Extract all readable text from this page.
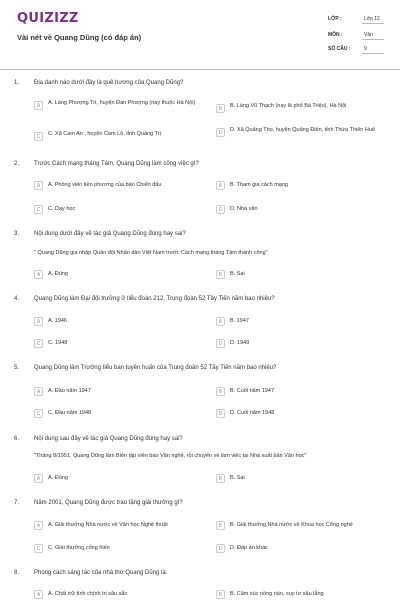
QUIZIZZ
Vài nét về Quang Dũng (có đáp án)
LỚP :	Lớp 12
MÔN :	Văn
SỐ CÂU :	9
1. Địa danh nào dưới đây là quê hương của Quang Dũng?
A	A. Làng Phượng Trì, huyện Đan Phượng (nay thuộc Hà Nội)
B	B. Làng Vũ Thạch (nay là phố Bà Triệu), Hà Nội
C	C. Xã Cam An , huyện Cam Lộ, tỉnh Quảng Trị	D	D. Xã Quảng Thọ, huyện Quảng Điền, tỉnh Thừa Thiên Huế
2. Trước Cách mạng tháng Tám, Quang Dũng làm công việc gì?
A	A. Phóng viên tiền phương của báo Chiến đấu	B	B. Tham gia cách mạng
C	C. Dạy học	D	D. Nhà văn
3. Nội dung dưới đây về tác giả Quang Dũng đúng hay sai?
" Quang Dũng gia nhập Quân đội Nhân dân Việt Nam trước Cách mạng tháng Tám thành công"
A	A. Đúng	B	B. Sai
4. Quang Dũng làm Đại đội trưởng ở tiểu đoàn 212, Trung đoàn 52 Tây Tiến năm bao nhiêu?
A	A. 1946	B	B. 1947
C	C. 1948	D	D. 1949
5. Quang Dũng làm Trưởng tiểu ban tuyên huấn của Trung đoàn 52 Tây Tiến năm bao nhiêu?
A	A. Đầu năm 1947	B	B. Cuối năm 1947
C	C. Đầu năm 1948	D	D. Cuối năm 1948
6. Nội dung sau đây về tác giả Quang Dũng đúng hay sai?
"Tháng 8/1951, Quang Dũng làm Biên tập viên báo Văn nghệ, rồi chuyển về làm việc tại Nhà xuất bản Văn học"
A	A. Đúng	B	B. Sai
7. Năm 2001, Quang Dũng được trao tặng giải thưởng gì?
A	A. Giải thưởng Nhà nước về Văn học Nghệ thuật	B	B. Giải thưởng Nhà nước về Khoa học Công nghệ
C	C. Giải thưởng cống hiến	D	D. Đáp án khác
8. Phong cách sáng tác của nhà thơ Quang Dũng là:
A	A. Chất trữ tình chính trị sâu sắc	B	B. Cảm xúc nồng nàn, suy tư sâu lắng
